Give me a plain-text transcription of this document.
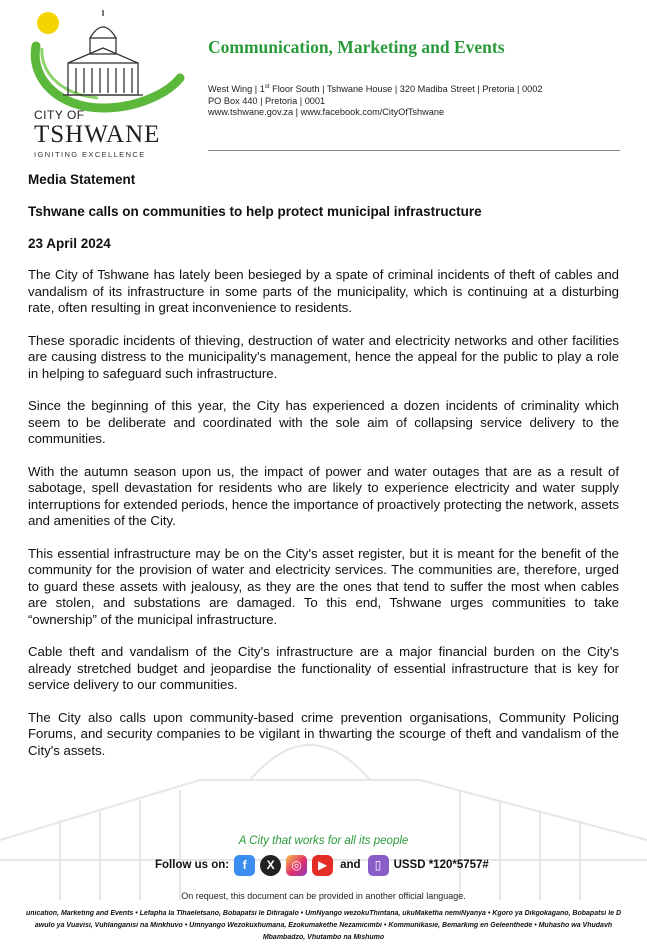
CITY OF
TSHWANE
IGNITING EXCELLENCE
Communication, Marketing and Events
West Wing | 1st Floor South | Tshwane House | 320 Madiba Street | Pretoria | 0002
PO Box 440 | Pretoria | 0001
www.tshwane.gov.za | www.facebook.com/CityOfTshwane

Media Statement

Tshwane calls on communities to help protect municipal infrastructure

23 April 2024

The City of Tshwane has lately been besieged by a spate of criminal incidents of theft of cables and vandalism of its infrastructure in some parts of the municipality, which is continuing at a disturbing rate, often resulting in great inconvenience to residents.

These sporadic incidents of thieving, destruction of water and electricity networks and other facilities are causing distress to the municipality's management, hence the appeal for the public to play a role in helping to safeguard such infrastructure.

Since the beginning of this year, the City has experienced a dozen incidents of criminality which seem to be deliberate and coordinated with the sole aim of collapsing service delivery to the communities.

With the autumn season upon us, the impact of power and water outages that are as a result of sabotage, spell devastation for residents who are likely to experience electricity and water supply interruptions for extended periods, hence the importance of proactively protecting the network, assets and amenities of the City.

This essential infrastructure may be on the City's asset register, but it is meant for the benefit of the community for the provision of water and electricity services. The communities are, therefore, urged to guard these assets with jealousy, as they are the ones that tend to suffer the most when cables are stolen, and substations are damaged. To this end, Tshwane urges communities to take “ownership” of the municipal infrastructure.

Cable theft and vandalism of the City's infrastructure are a major financial burden on the City's already stretched budget and jeopardise the functionality of essential infrastructure that is key for service delivery to our communities.

The City also calls upon community-based crime prevention organisations, Community Policing Forums, and security companies to be vigilant in thwarting the scourge of theft and vandalism of the City's assets.

A City that works for all its people
Follow us on:	f	X	◎	▶	and	▯	USSD *120*5757#
On request, this document can be provided in another official language.
unication, Marketing and Events • Lefapha la Tlhaeletsano, Bobapatsi le Ditiragalo • UmNyango wezokuThintana, ukuMaketha nemiNyanya • Kgoro ya Dikgokagano, Bobapatsi le D
awulo ya Vuavisi, Vuhlanganisi na Minkhuvo • Umnyango Wezokuxhumana, Ezokumakethe Nezamicimbi • Kommunikasie, Bemarking en Geleenthede • Muhasho wa Vhudavh
Mbambadzo, Vhutambo na Mishumo
